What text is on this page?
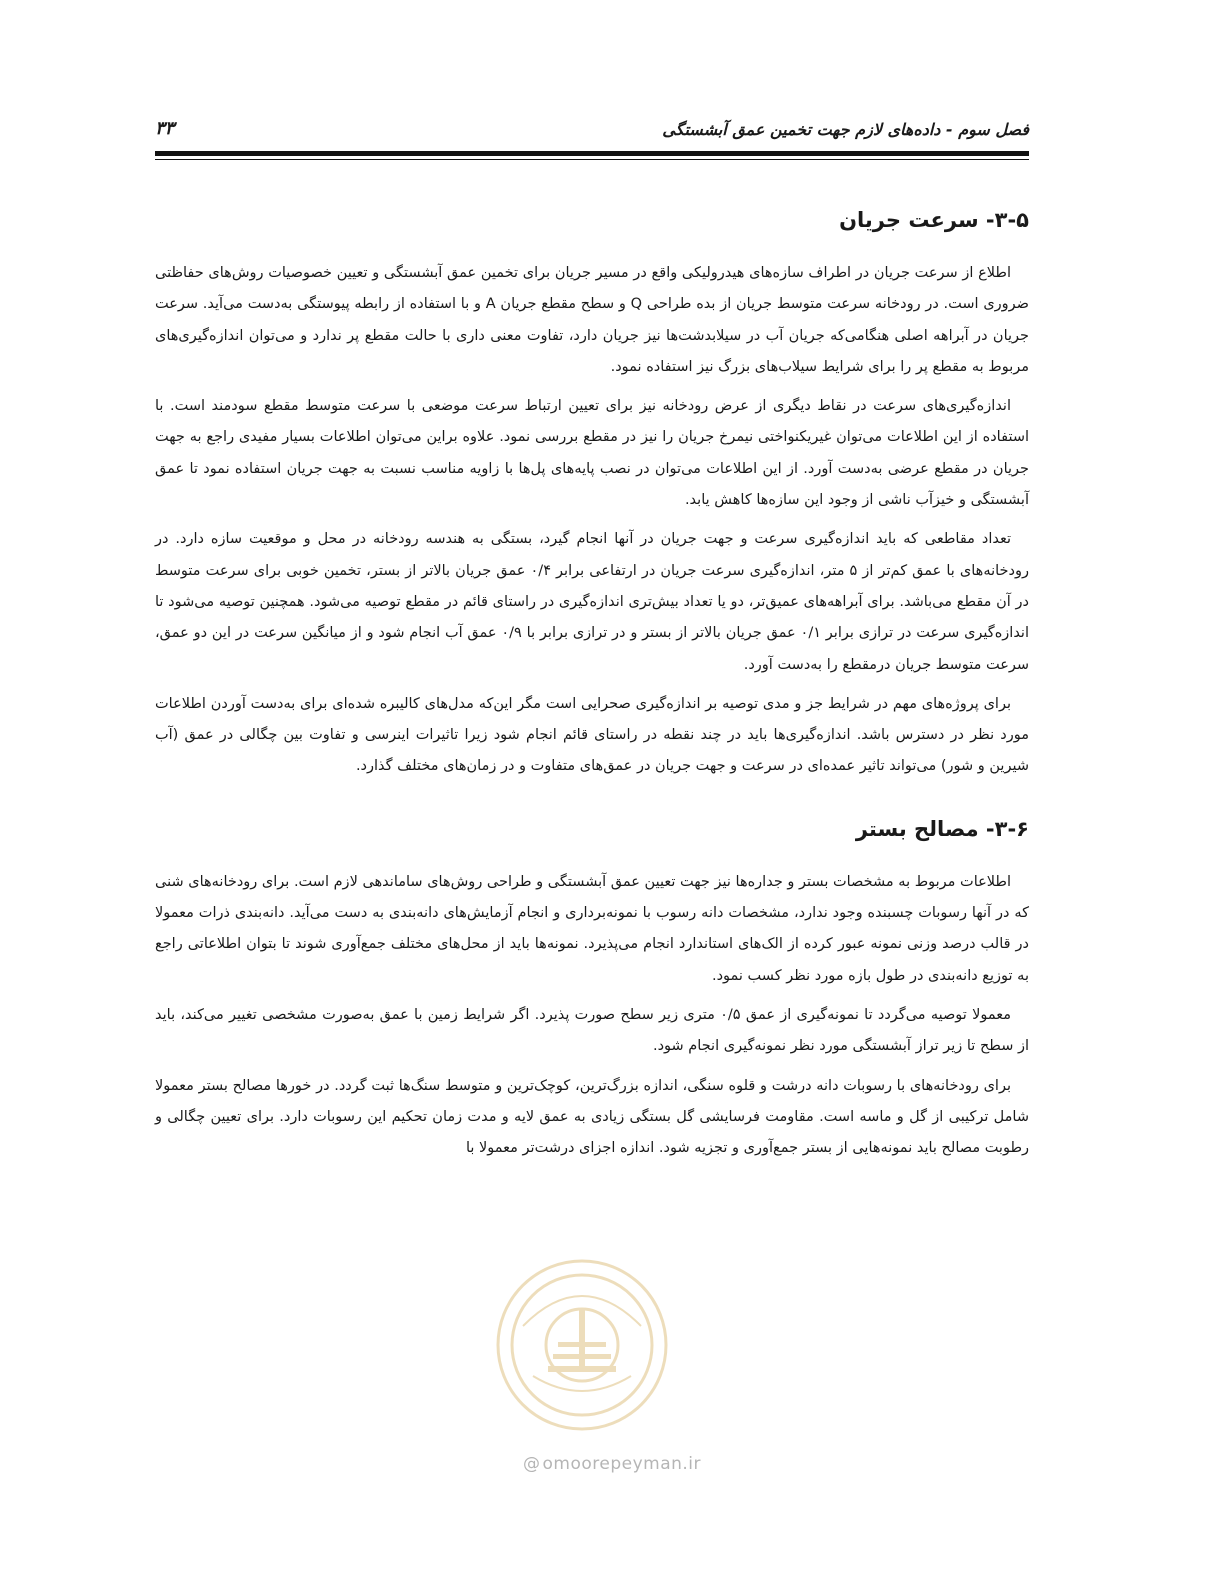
فصل سوم - داده‌های لازم جهت تخمین عمق آبشستگی
۳۳
۳-۵- سرعت جریان

اطلاع از سرعت جریان در اطراف سازه‌های هیدرولیکی واقع در مسیر جریان برای تخمین عمق آبشستگی و تعیین خصوصیات روش‌های حفاظتی ضروری است. در رودخانه سرعت متوسط جریان از بده طراحی Q و سطح مقطع جریان A و با استفاده از رابطه پیوستگی به‌دست می‌آید. سرعت جریان در آبراهه اصلی هنگامی‌که جریان آب در سیلابدشت‌ها نیز جریان دارد، تفاوت معنی داری با حالت مقطع پر ندارد و می‌توان اندازه‌گیری‌های مربوط به مقطع پر را برای شرایط سیلاب‌های بزرگ نیز استفاده نمود.

اندازه‌گیری‌های سرعت در نقاط دیگری از عرض رودخانه نیز برای تعیین ارتباط سرعت موضعی با سرعت متوسط مقطع سودمند است. با استفاده از این اطلاعات می‌توان غیریکنواختی نیمرخ جریان را نیز در مقطع بررسی نمود. علاوه براین می‌توان اطلاعات بسیار مفیدی راجع به جهت جریان در مقطع عرضی به‌دست آورد. از این اطلاعات می‌توان در نصب پایه‌های پل‌ها با زاویه مناسب نسبت به جهت جریان استفاده نمود تا عمق آبشستگی و خیزآب ناشی از وجود این سازه‌ها کاهش یابد.

تعداد مقاطعی که باید اندازه‌گیری سرعت و جهت جریان در آنها انجام گیرد، بستگی به هندسه رودخانه در محل و موقعیت سازه دارد. در رودخانه‌های با عمق کم‌تر از ۵ متر، اندازه‌گیری سرعت جریان در ارتفاعی برابر ۰/۴ عمق جریان بالاتر از بستر، تخمین خوبی برای سرعت متوسط در آن مقطع می‌باشد. برای آبراهه‌های عمیق‌تر، دو یا تعداد بیش‌تری اندازه‌گیری در راستای قائم در مقطع توصیه می‌شود. همچنین توصیه می‌شود تا اندازه‌گیری سرعت در ترازی برابر ۰/۱ عمق جریان بالاتر از بستر و در ترازی برابر با ۰/۹ عمق آب انجام شود و از میانگین سرعت در این دو عمق، سرعت متوسط جریان درمقطع را به‌دست آورد.

برای پروژه‌های مهم در شرایط جز و مدی توصیه بر اندازه‌گیری صحرایی است مگر این‌که مدل‌های کالیبره شده‌ای برای به‌دست آوردن اطلاعات مورد نظر در دسترس باشد. اندازه‌گیری‌ها باید در چند نقطه در راستای قائم انجام شود زیرا تاثیرات اینرسی و تفاوت بین چگالی در عمق (آب شیرین و شور) می‌تواند تاثیر عمده‌ای در سرعت و جهت جریان در عمق‌های متفاوت و در زمان‌های مختلف گذارد.

۳-۶- مصالح بستر

اطلاعات مربوط به مشخصات بستر و جداره‌ها نیز جهت تعیین عمق آبشستگی و طراحی روش‌های ساماندهی لازم است. برای رودخانه‌های شنی که در آنها رسوبات چسبنده وجود ندارد، مشخصات دانه رسوب با نمونه‌برداری و انجام آزمایش‌های دانه‌بندی به دست می‌آید. دانه‌بندی ذرات معمولا در قالب درصد وزنی نمونه عبور کرده از الک‌های استاندارد انجام می‌پذیرد. نمونه‌ها باید از محل‌های مختلف جمع‌آوری شوند تا بتوان اطلاعاتی راجع به توزیع دانه‌بندی در طول بازه مورد نظر کسب نمود.

معمولا توصیه می‌گردد تا نمونه‌گیری از عمق ۰/۵ متری زیر سطح صورت پذیرد. اگر شرایط زمین با عمق به‌صورت مشخصی تغییر می‌کند، باید از سطح تا زیر تراز آبشستگی مورد نظر نمونه‌گیری انجام شود.

برای رودخانه‌های با رسوبات دانه درشت و قلوه سنگی، اندازه بزرگ‌ترین، کوچک‌ترین و متوسط سنگ‌ها ثبت گردد. در خورها مصالح بستر معمولا شامل ترکیبی از گل و ماسه است. مقاومت فرسایشی گل بستگی زیادی به عمق لایه و مدت زمان تحکیم این رسوبات دارد. برای تعیین چگالی و رطوبت مصالح باید نمونه‌هایی از بستر جمع‌آوری و تجزیه شود. اندازه اجزای درشت‌تر معمولا با

@ omoorepeyman.ir
